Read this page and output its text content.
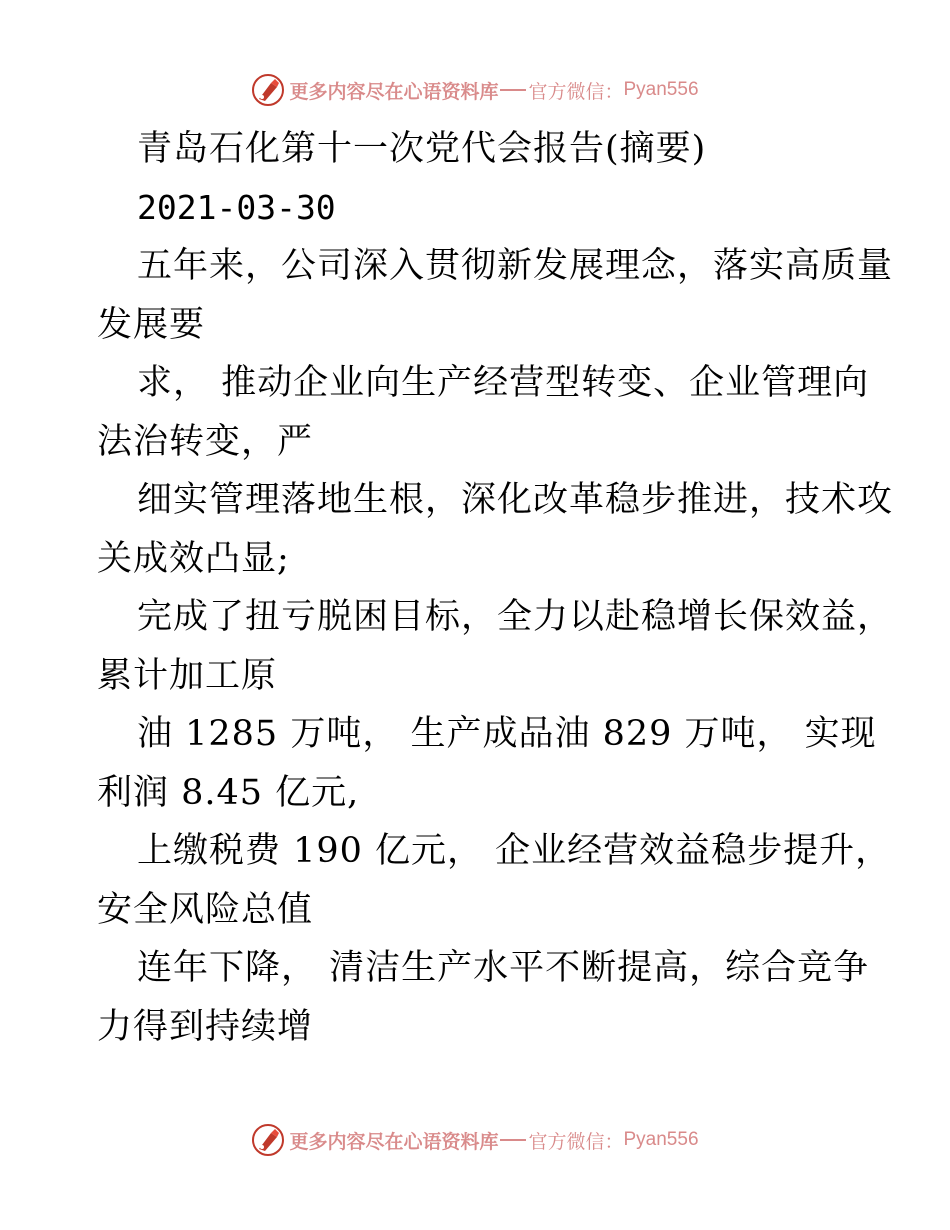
更多内容尽在心语资料库 官方微信： Pyan556
青岛石化第十一次党代会报告(摘要)
2021-03-30
五年来，公司深入贯彻新发展理念，落实高质量
发展要
求， 推动企业向生产经营型转变、企业管理向
法治转变，严
细实管理落地生根，深化改革稳步推进，技术攻
关成效凸显;
完成了扭亏脱困目标，全力以赴稳增长保效益，
累计加工原
油 1285 万吨， 生产成品油 829 万吨， 实现
利润 8.45 亿元,
上缴税费 190 亿元， 企业经营效益稳步提升，
安全风险总值
连年下降， 清洁生产水平不断提高，综合竞争
力得到持续增
更多内容尽在心语资料库 官方微信： Pyan556
